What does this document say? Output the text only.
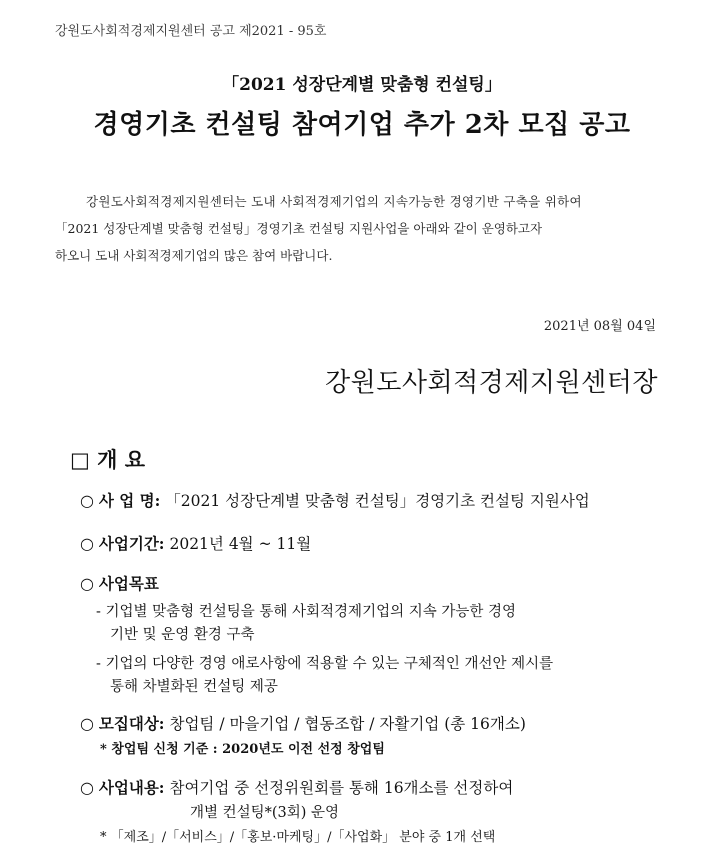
강원도사회적경제지원센터 공고 제2021 - 95호
「2021 성장단계별 맞춤형 컨설팅」
경영기초 컨설팅 참여기업 추가 2차 모집 공고
강원도사회적경제지원센터는 도내 사회적경제기업의 지속가능한 경영기반 구축을 위하여
「2021 성장단계별 맞춤형 컨설팅」경영기초 컨설팅 지원사업을 아래와 같이 운영하고자
하오니 도내 사회적경제기업의 많은 참여 바랍니다.
2021년 08월 04일
강원도사회적경제지원센터장
□ 개 요
○ 사 업 명: 「2021 성장단계별 맞춤형 컨설팅」경영기초 컨설팅 지원사업
○ 사업기간: 2021년 4월 ~ 11월
○ 사업목표
- 기업별 맞춤형 컨설팅을 통해 사회적경제기업의 지속 가능한 경영
기반 및 운영 환경 구축
- 기업의 다양한 경영 애로사항에 적용할 수 있는 구체적인 개선안 제시를
통해 차별화된 컨설팅 제공
○ 모집대상: 창업팀 / 마을기업 / 협동조합 / 자활기업 (총 16개소)
* 창업팀 신청 기준 : 2020년도 이전 선정 창업팀
○ 사업내용: 참여기업 중 선정위원회를 통해 16개소를 선정하여
개별 컨설팅*(3회) 운영
* 「제조」/「서비스」/「홍보·마케팅」/「사업화」 분야 중 1개 선택
